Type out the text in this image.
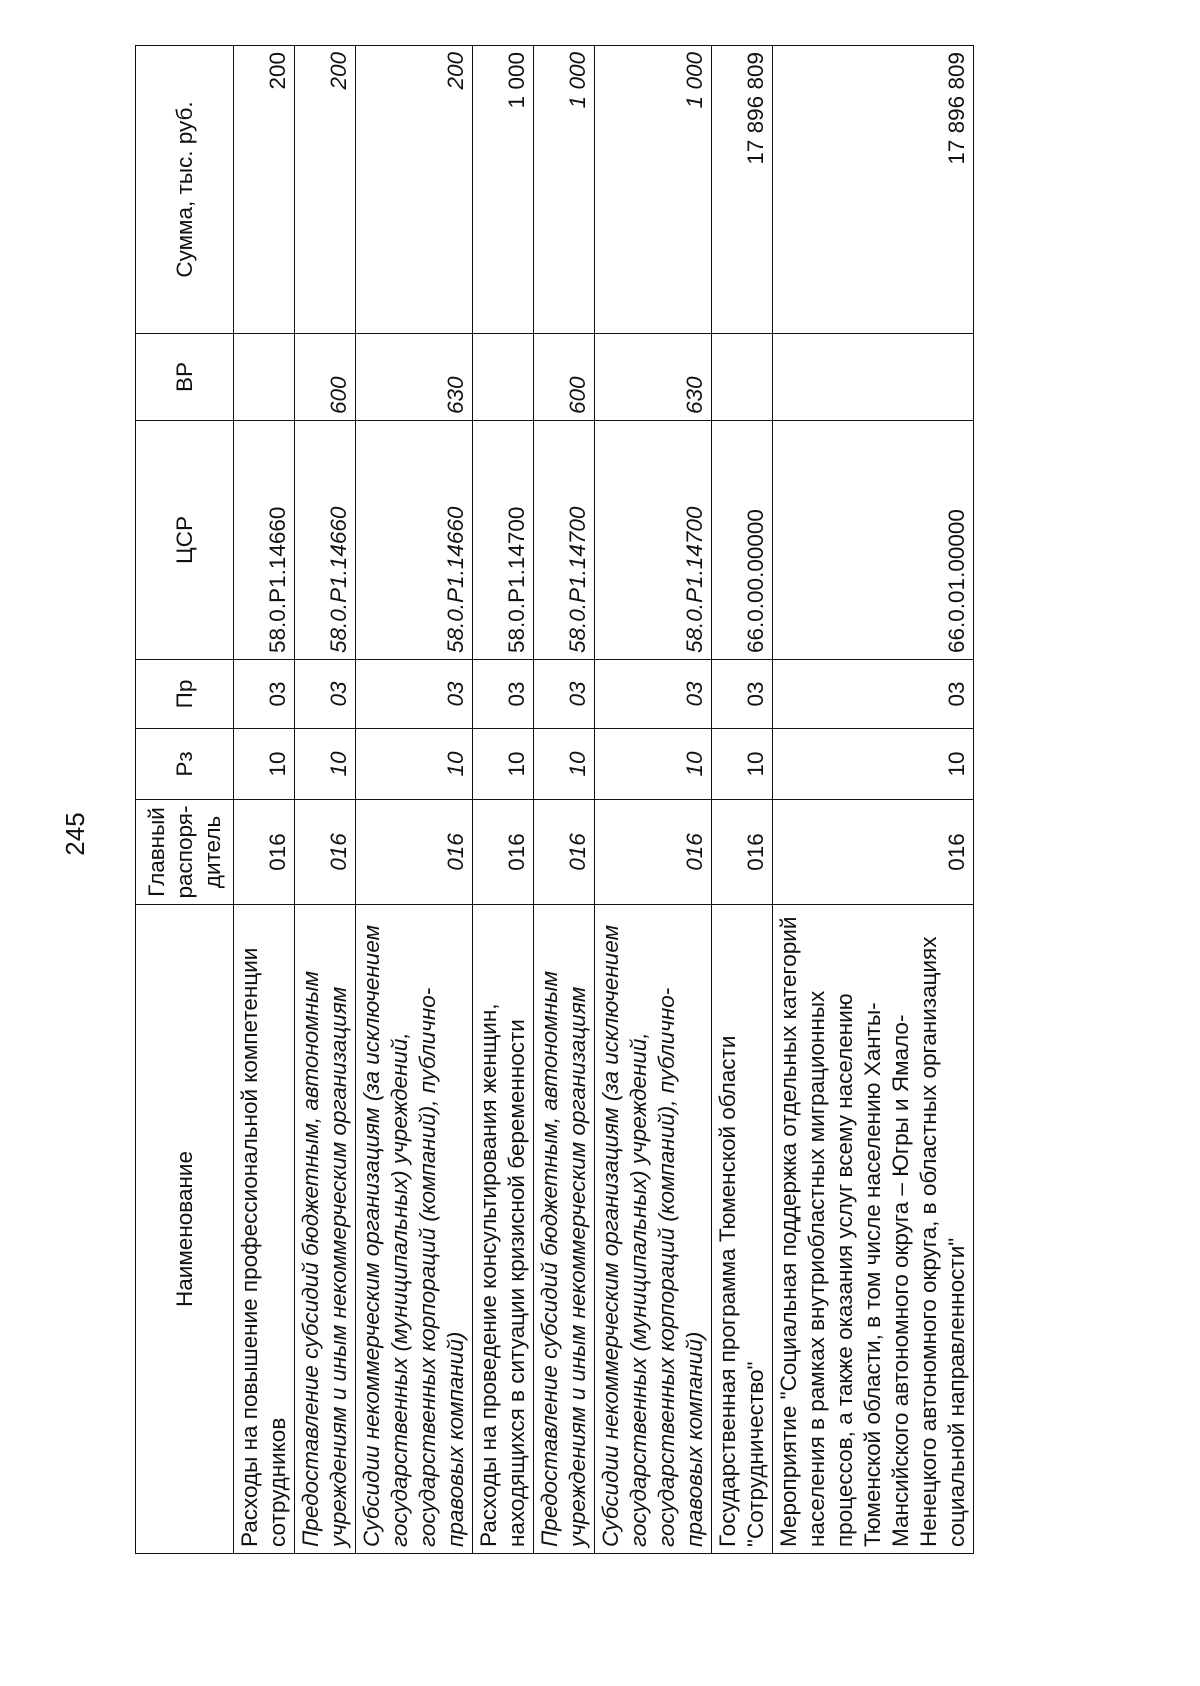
245
Наименование	Главный распоря-дитель	Рз	Пр	ЦСР	ВР	Сумма, тыс. руб.
Расходы на повышение профессиональной компетенции сотрудников	016	10	03	58.0.P1.14660		200
Предоставление субсидий бюджетным, автономным учреждениям и иным некоммерческим организациям	016	10	03	58.0.P1.14660	600	200
Субсидии некоммерческим организациям (за исключением государственных (муниципальных) учреждений, государственных корпораций (компаний), публично-правовых компаний)	016	10	03	58.0.P1.14660	630	200
Расходы на проведение консультирования женщин, находящихся в ситуации кризисной беременности	016	10	03	58.0.P1.14700		1 000
Предоставление субсидий бюджетным, автономным учреждениям и иным некоммерческим организациям	016	10	03	58.0.P1.14700	600	1 000
Субсидии некоммерческим организациям (за исключением государственных (муниципальных) учреждений, государственных корпораций (компаний), публично-правовых компаний)	016	10	03	58.0.P1.14700	630	1 000
Государственная программа Тюменской области "Сотрудничество"	016	10	03	66.0.00.00000		17 896 809
Мероприятие "Социальная поддержка отдельных категорий населения в рамках внутриобластных миграционных процессов, а также оказания услуг всему населению Тюменской области, в том числе населению Ханты-Мансийского автономного округа – Югры и Ямало-Ненецкого автономного округа, в областных организациях социальной направленности"	016	10	03	66.0.01.00000		17 896 809
